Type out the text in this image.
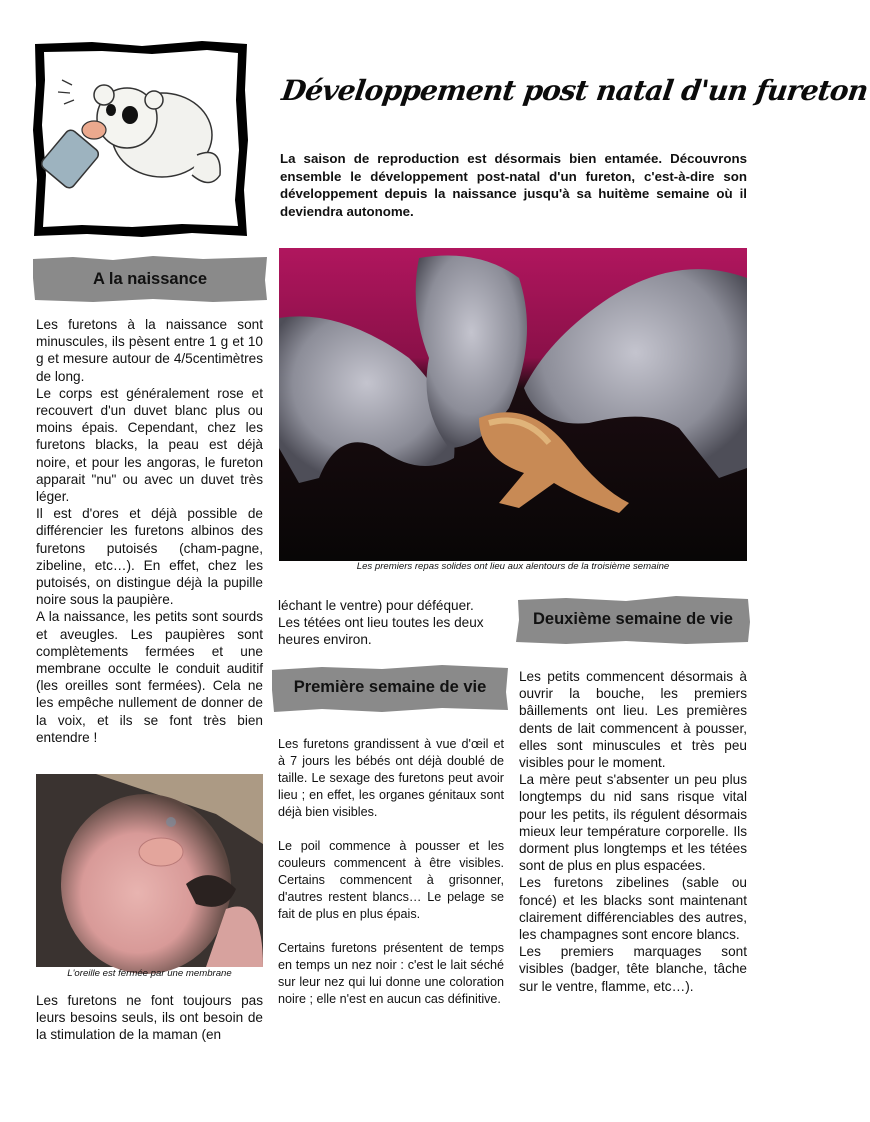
Développement post natal d'un fureton
La saison de reproduction est désormais bien entamée. Découvrons ensemble le développement post-natal d'un fureton, c'est-à-dire son développement depuis la naissance jusqu'à sa huitème semaine où il deviendra autonome.
A la naissance

Les furetons à la naissance sont minuscules, ils pèsent entre 1 g et 10 g et mesure autour de 4/5centimètres de long.

Le corps est généralement rose et recouvert d'un duvet blanc plus ou moins épais. Cependant, chez les furetons blacks, la peau est déjà noire, et pour les angoras, le fureton apparait "nu" ou avec un duvet très léger.

Il est d'ores et déjà possible de différencier les furetons albinos des furetons putoisés (cham-pagne, zibeline, etc…). En effet, chez les putoisés, on distingue déjà la pupille noire sous la paupière.

A la naissance, les petits sont sourds et aveugles. Les paupières sont complètements fermées et une membrane occulte le conduit auditif (les oreilles sont fermées). Cela ne les empêche nullement de donner de la voix, et ils se font très bien entendre !

L'oreille est fermée par une membrane

Les furetons ne font toujours pas leurs besoins seuls, ils ont besoin de la stimulation de la maman (en

Les premiers repas solides ont lieu aux alentours de la troisième semaine

léchant le ventre) pour déféquer.

Les tétées ont lieu toutes les deux heures environ.

Deuxième semaine de vie
Première semaine de vie

Les furetons grandissent à vue d'œil et à 7 jours les bébés ont déjà doublé de taille. Le sexage des furetons peut avoir lieu ; en effet, les organes génitaux sont déjà bien visibles.

Le poil commence à pousser et les couleurs commencent à être visibles. Certains commencent à grisonner, d'autres restent blancs… Le pelage se fait de plus en plus épais.

Certains furetons présentent de temps en temps un nez noir : c'est le lait séché sur leur nez qui lui donne une coloration noire ; elle n'est en aucun cas définitive.

Les petits commencent désormais à ouvrir la bouche, les premiers bâillements ont lieu. Les premières dents de lait commencent à pousser, elles sont minuscules et très peu visibles pour le moment.

La mère peut s'absenter un peu plus longtemps du nid sans risque vital pour les petits, ils régulent désormais mieux leur température corporelle. Ils dorment plus longtemps et les tétées sont de plus en plus espacées.

Les furetons zibelines (sable ou foncé) et les blacks sont maintenant clairement différenciables des autres, les champagnes sont encore blancs.

Les premiers marquages sont visibles (badger, tête blanche, tâche sur le ventre, flamme, etc…).
